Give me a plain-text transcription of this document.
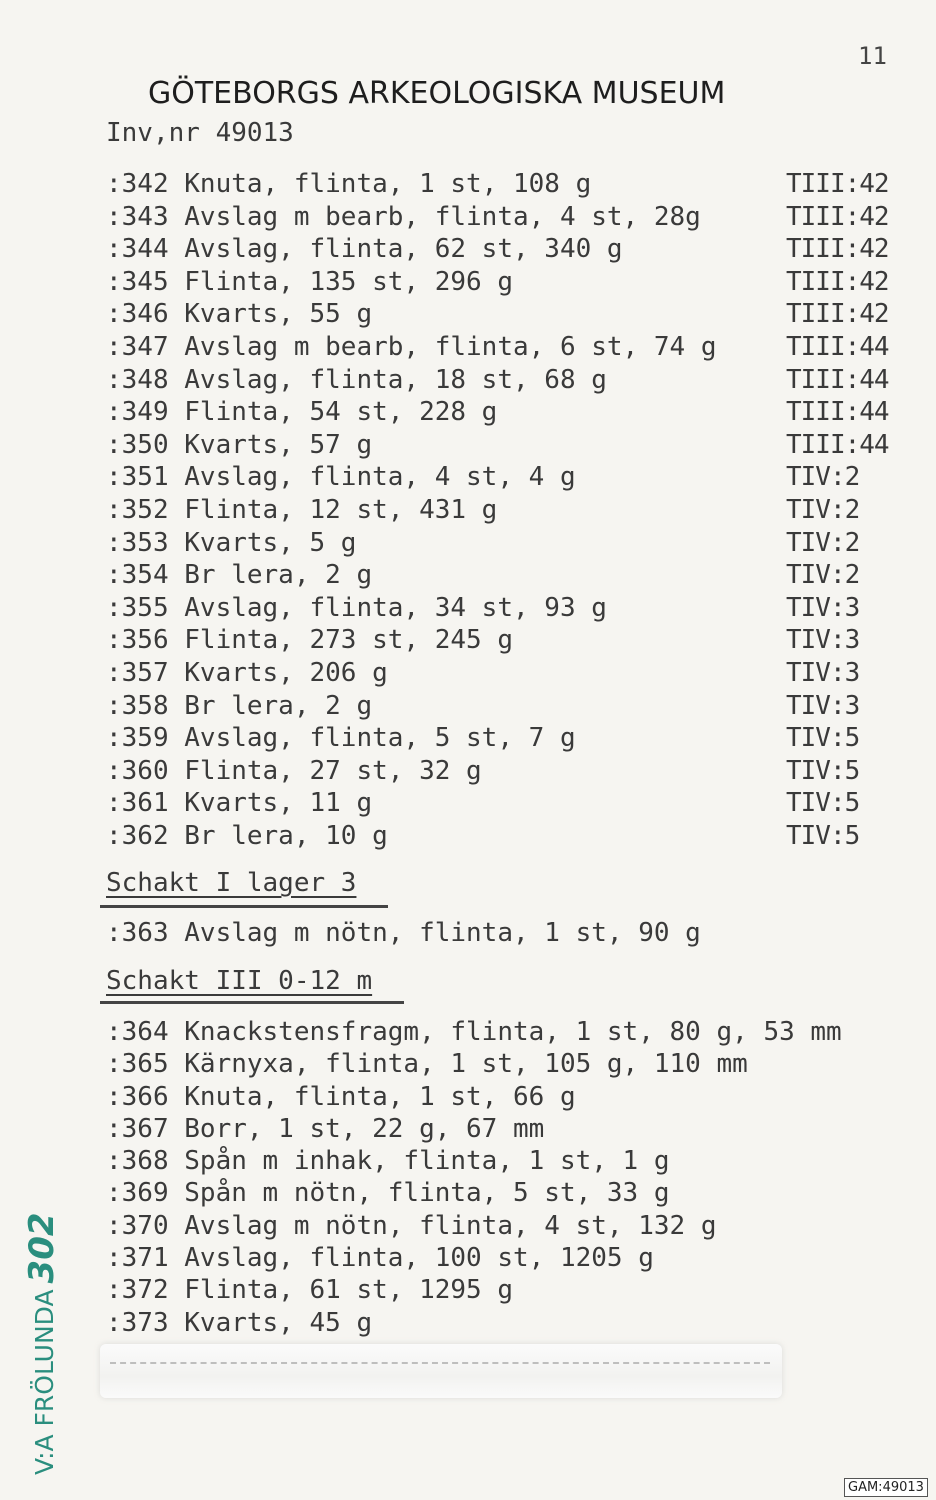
11
GÖTEBORGS ARKEOLOGISKA MUSEUM
Inv,nr 49013
:342 Knuta, flinta, 1 st, 108 g	TIII:42
:343 Avslag m bearb, flinta, 4 st, 28g	TIII:42
:344 Avslag, flinta, 62 st, 340 g	TIII:42
:345 Flinta, 135 st, 296 g	TIII:42
:346 Kvarts, 55 g	TIII:42
:347 Avslag m bearb, flinta, 6 st, 74 g	TIII:44
:348 Avslag, flinta, 18 st, 68 g	TIII:44
:349 Flinta, 54 st, 228 g	TIII:44
:350 Kvarts, 57 g	TIII:44
:351 Avslag, flinta, 4 st, 4 g	TIV:2
:352 Flinta, 12 st, 431 g	TIV:2
:353 Kvarts, 5 g	TIV:2
:354 Br lera, 2 g	TIV:2
:355 Avslag, flinta, 34 st, 93 g	TIV:3
:356 Flinta, 273 st, 245 g	TIV:3
:357 Kvarts, 206 g	TIV:3
:358 Br lera, 2 g	TIV:3
:359 Avslag, flinta, 5 st, 7 g	TIV:5
:360 Flinta, 27 st, 32 g	TIV:5
:361 Kvarts, 11 g	TIV:5
:362 Br lera, 10 g	TIV:5
Schakt I lager 3
:363 Avslag m nötn, flinta, 1 st, 90 g
Schakt III 0-12 m
:364 Knackstensfragm, flinta, 1 st, 80 g, 53 mm
:365 Kärnyxa, flinta, 1 st, 105 g, 110 mm
:366 Knuta, flinta, 1 st, 66 g
:367 Borr, 1 st, 22 g, 67 mm
:368 Spån m inhak, flinta, 1 st, 1 g
:369 Spån m nötn, flinta, 5 st, 33 g
:370 Avslag m nötn, flinta, 4 st, 132 g
:371 Avslag, flinta, 100 st, 1205 g
:372 Flinta, 61 st, 1295 g
:373 Kvarts, 45 g
V:A FRÖLUNDA302
GAM:49013
